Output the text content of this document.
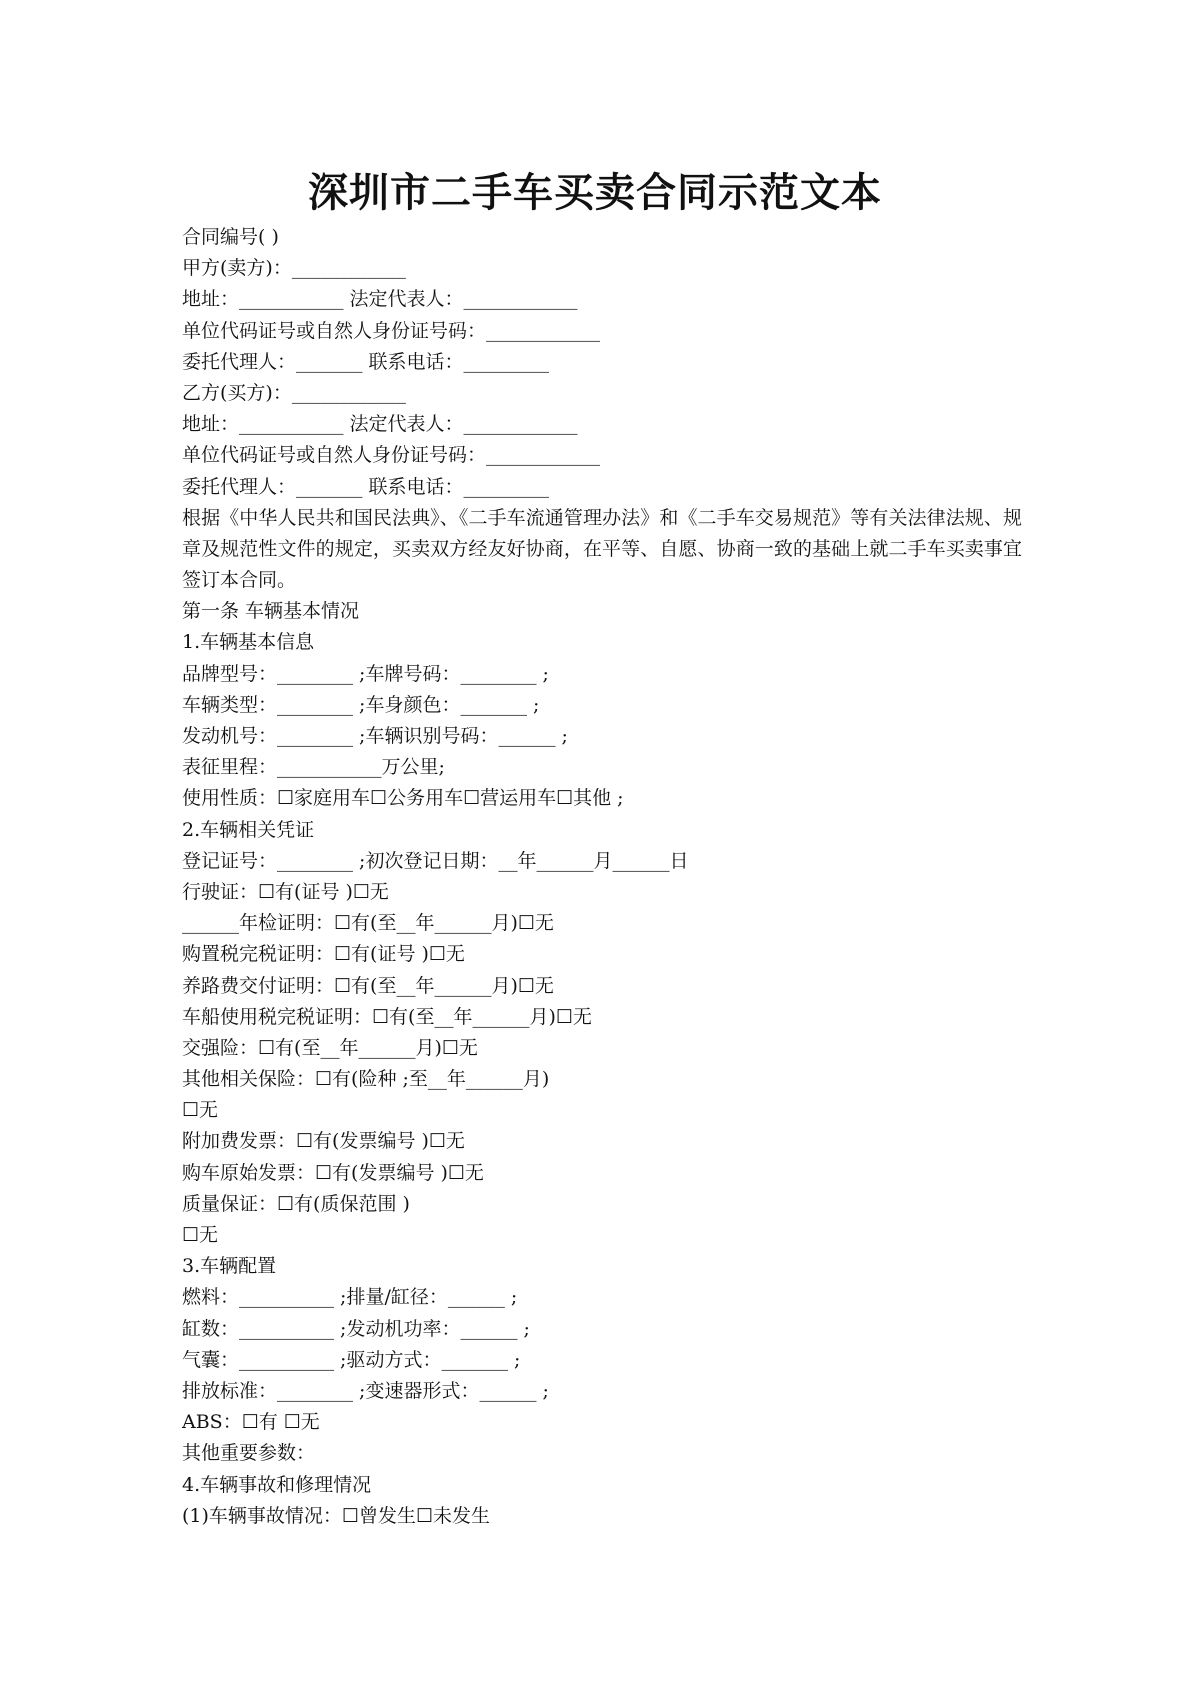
深圳市二手车买卖合同示范文本
合同编号( )
甲方(卖方)：____________
地址：___________ 法定代表人：____________
单位代码证号或自然人身份证号码：____________
委托代理人：_______ 联系电话：_________
乙方(买方)：____________
地址：___________ 法定代表人：____________
单位代码证号或自然人身份证号码：____________
委托代理人：_______ 联系电话：_________
根据《中华人民共和国民法典》、《二手车流通管理办法》和《二手车交易规范》等有关法律法规、规章及规范性文件的规定，买卖双方经友好协商，在平等、自愿、协商一致的基础上就二手车买卖事宜签订本合同。
第一条 车辆基本情况
1.车辆基本信息
品牌型号：________ ;车牌号码：________ ;
车辆类型：________ ;车身颜色：_______ ;
发动机号：________ ;车辆识别号码：______ ;
表征里程：___________万公里;
使用性质：☐家庭用车☐公务用车☐营运用车☐其他 ;
2.车辆相关凭证
登记证号：________ ;初次登记日期：__年______月______日
行驶证：☐有(证号 )☐无
______年检证明：☐有(至__年______月)☐无
购置税完税证明：☐有(证号 )☐无
养路费交付证明：☐有(至__年______月)☐无
车船使用税完税证明：☐有(至__年______月)☐无
交强险：☐有(至__年______月)☐无
其他相关保险：☐有(险种 ;至__年______月)
☐无
附加费发票：☐有(发票编号 )☐无
购车原始发票：☐有(发票编号 )☐无
质量保证：☐有(质保范围 )
☐无
3.车辆配置
燃料：__________ ;排量/缸径：______ ;
缸数：__________ ;发动机功率：______ ;
气囊：__________ ;驱动方式：_______ ;
排放标准：________ ;变速器形式：______ ;
ABS：☐有 ☐无
其他重要参数：
4.车辆事故和修理情况
(1)车辆事故情况：☐曾发生☐未发生
